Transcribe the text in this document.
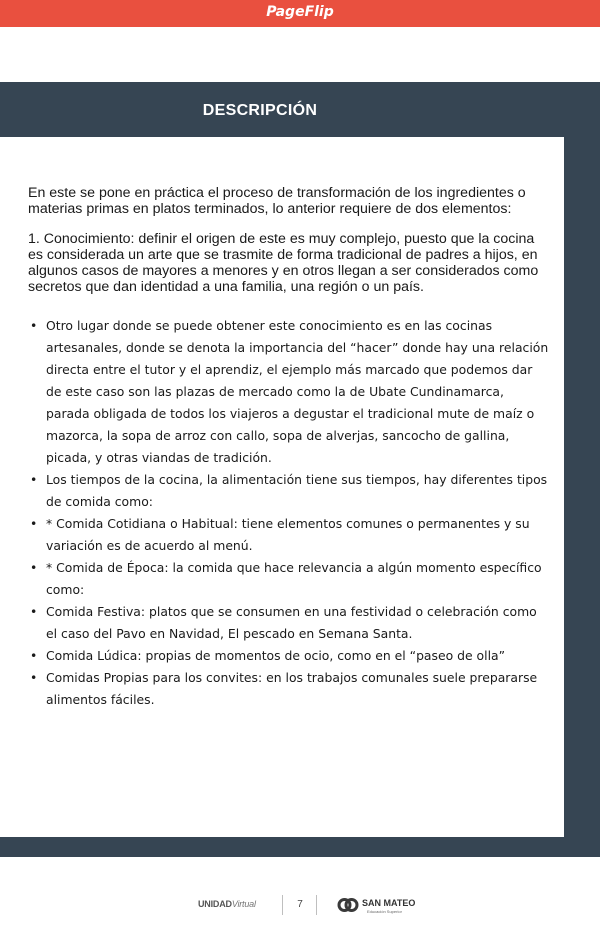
PageFlip
DESCRIPCIÓN

En este se pone en práctica el proceso de transformación de los ingredientes o materias primas en platos terminados, lo anterior requiere de dos elementos:

1. Conocimiento: definir el origen de este es muy complejo, puesto que la cocina es considerada un arte que se trasmite de forma tradicional de padres a hijos, en algunos casos de mayores a menores y en otros llegan a ser considerados como secretos que dan identidad a una familia, una región o un país.

• Otro lugar donde se puede obtener este conocimiento es en las cocinas artesanales, donde se denota la importancia del “hacer” donde hay una relación directa entre el tutor y el aprendiz, el ejemplo más marcado que podemos dar de este caso son las plazas de mercado como la de Ubate Cundinamarca, parada obligada de todos los viajeros a degustar el tradicional mute de maíz o mazorca, la sopa de arroz con callo, sopa de alverjas, sancocho de gallina, picada, y otras viandas de tradición.
• Los tiempos de la cocina, la alimentación tiene sus tiempos, hay diferentes tipos de comida como:
• * Comida Cotidiana o Habitual: tiene elementos comunes o permanentes y su variación es de acuerdo al menú.
• * Comida de Época: la comida que hace relevancia a algún momento específico como:
• Comida Festiva: platos que se consumen en una festividad o celebración como el caso del Pavo en Navidad, El pescado en Semana Santa.
• Comida Lúdica: propias de momentos de ocio, como en el “paseo de olla”
• Comidas Propias para los convites: en los trabajos comunales suele prepararse alimentos fáciles.
UNIDADVirtual	7	SAN MATEO
Educación Superior
